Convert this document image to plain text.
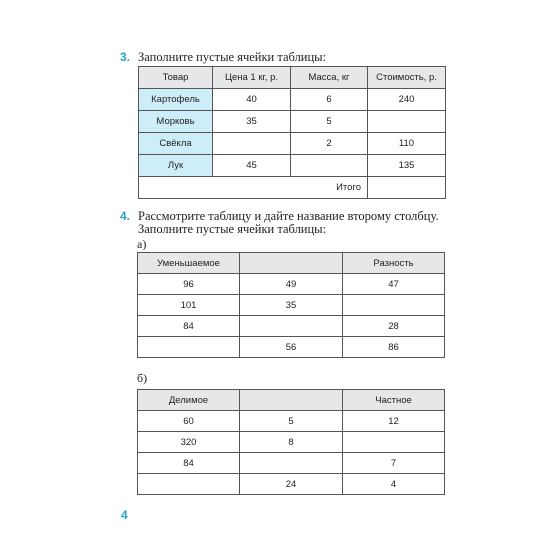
3. Заполните пустые ячейки таблицы:
Товар	Цена 1 кг, р.	Масса, кг	Стоимость, р.
Картофель	40	6	240
Морковь	35	5	
Свёкла		2	110
Лук	45		135
Итого			
4. Рассмотрите таблицу и дайте название второму столбцу.
Заполните пустые ячейки таблицы:
а)
Уменьшаемое		Разность
96	49	47
101	35	
84		28
	56	86
б)
Делимое		Частное
60	5	12
320	8	
84		7
	24	4
4
